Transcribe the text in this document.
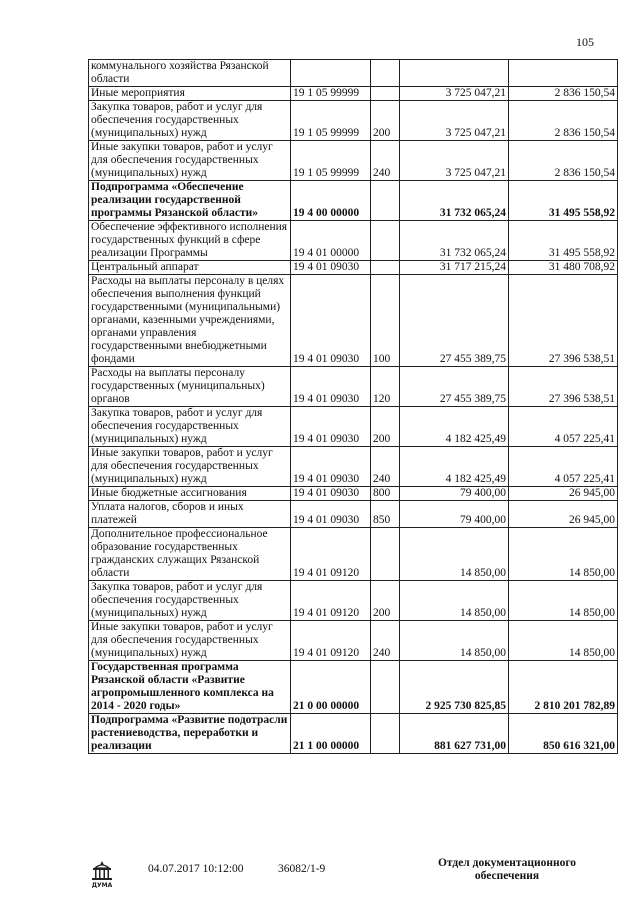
105
коммунального хозяйства Рязанской области				
Иные мероприятия	19 1 05 99999		3 725 047,21	2 836 150,54
Закупка товаров, работ и услуг для обеспечения государственных (муниципальных) нужд	19 1 05 99999	200	3 725 047,21	2 836 150,54
Иные закупки товаров, работ и услуг для обеспечения государственных (муниципальных) нужд	19 1 05 99999	240	3 725 047,21	2 836 150,54
Подпрограмма «Обеспечение реализации государственной программы Рязанской области»	19 4 00 00000		31 732 065,24	31 495 558,92
Обеспечение эффективного исполнения государственных функций в сфере реализации Программы	19 4 01 00000		31 732 065,24	31 495 558,92
Центральный аппарат	19 4 01 09030		31 717 215,24	31 480 708,92
Расходы на выплаты персоналу в целях обеспечения выполнения функций государственными (муниципальными) органами, казенными учреждениями, органами управления государственными внебюджетными фондами	19 4 01 09030	100	27 455 389,75	27 396 538,51
Расходы на выплаты персоналу государственных (муниципальных) органов	19 4 01 09030	120	27 455 389,75	27 396 538,51
Закупка товаров, работ и услуг для обеспечения государственных (муниципальных) нужд	19 4 01 09030	200	4 182 425,49	4 057 225,41
Иные закупки товаров, работ и услуг для обеспечения государственных (муниципальных) нужд	19 4 01 09030	240	4 182 425,49	4 057 225,41
Иные бюджетные ассигнования	19 4 01 09030	800	79 400,00	26 945,00
Уплата налогов, сборов и иных платежей	19 4 01 09030	850	79 400,00	26 945,00
Дополнительное профессиональное образование государственных гражданских служащих Рязанской области	19 4 01 09120		14 850,00	14 850,00
Закупка товаров, работ и услуг для обеспечения государственных (муниципальных) нужд	19 4 01 09120	200	14 850,00	14 850,00
Иные закупки товаров, работ и услуг для обеспечения государственных (муниципальных) нужд	19 4 01 09120	240	14 850,00	14 850,00
Государственная программа Рязанской области «Развитие агропромышленного комплекса на 2014 - 2020 годы»	21 0 00 00000		2 925 730 825,85	2 810 201 782,89
Подпрограмма «Развитие подотрасли растениеводства, переработки и реализации	21 1 00 00000		881 627 731,00	850 616 321,00
ДУМА
04.07.2017 10:12:00	36082/1-9	Отдел документационного обеспечения
